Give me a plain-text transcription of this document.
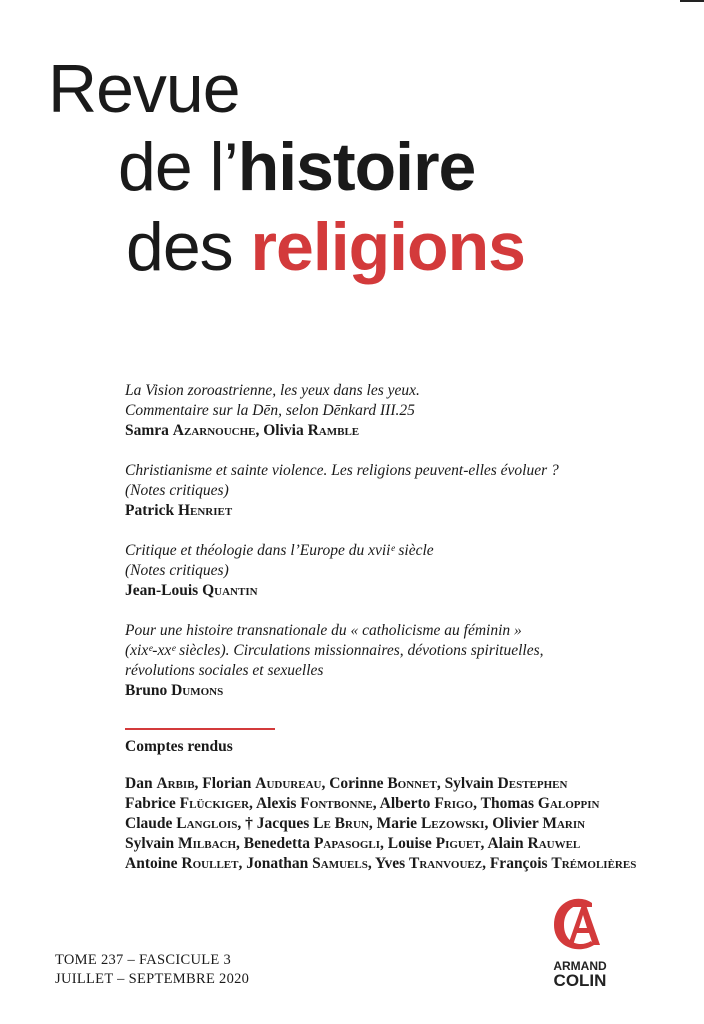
Revue
de l’histoire
des religions
La Vision zoroastrienne, les yeux dans les yeux.
Commentaire sur la Dēn, selon Dēnkard III.25
Samra Azarnouche, Olivia Ramble
Christianisme et sainte violence. Les religions peuvent-elles évoluer ?
(Notes critiques)
Patrick Henriet
Critique et théologie dans l’Europe du xviiᵉ siècle
(Notes critiques)
Jean-Louis Quantin
Pour une histoire transnationale du « catholicisme au féminin »
(xixᵉ-xxᵉ siècles). Circulations missionnaires, dévotions spirituelles,
révolutions sociales et sexuelles
Bruno Dumons
Comptes rendus
Dan Arbib, Florian Audureau, Corinne Bonnet, Sylvain Destephen
Fabrice Flückiger, Alexis Fontbonne, Alberto Frigo, Thomas Galoppin
Claude Langlois, † Jacques Le Brun, Marie Lezowski, Olivier Marin
Sylvain Milbach, Benedetta Papasogli, Louise Piguet, Alain Rauwel
Antoine Roullet, Jonathan Samuels, Yves Tranvouez, François Trémolières
TOME 237 – FASCICULE 3
JUILLET – SEPTEMBRE 2020
ARMAND
COLIN
